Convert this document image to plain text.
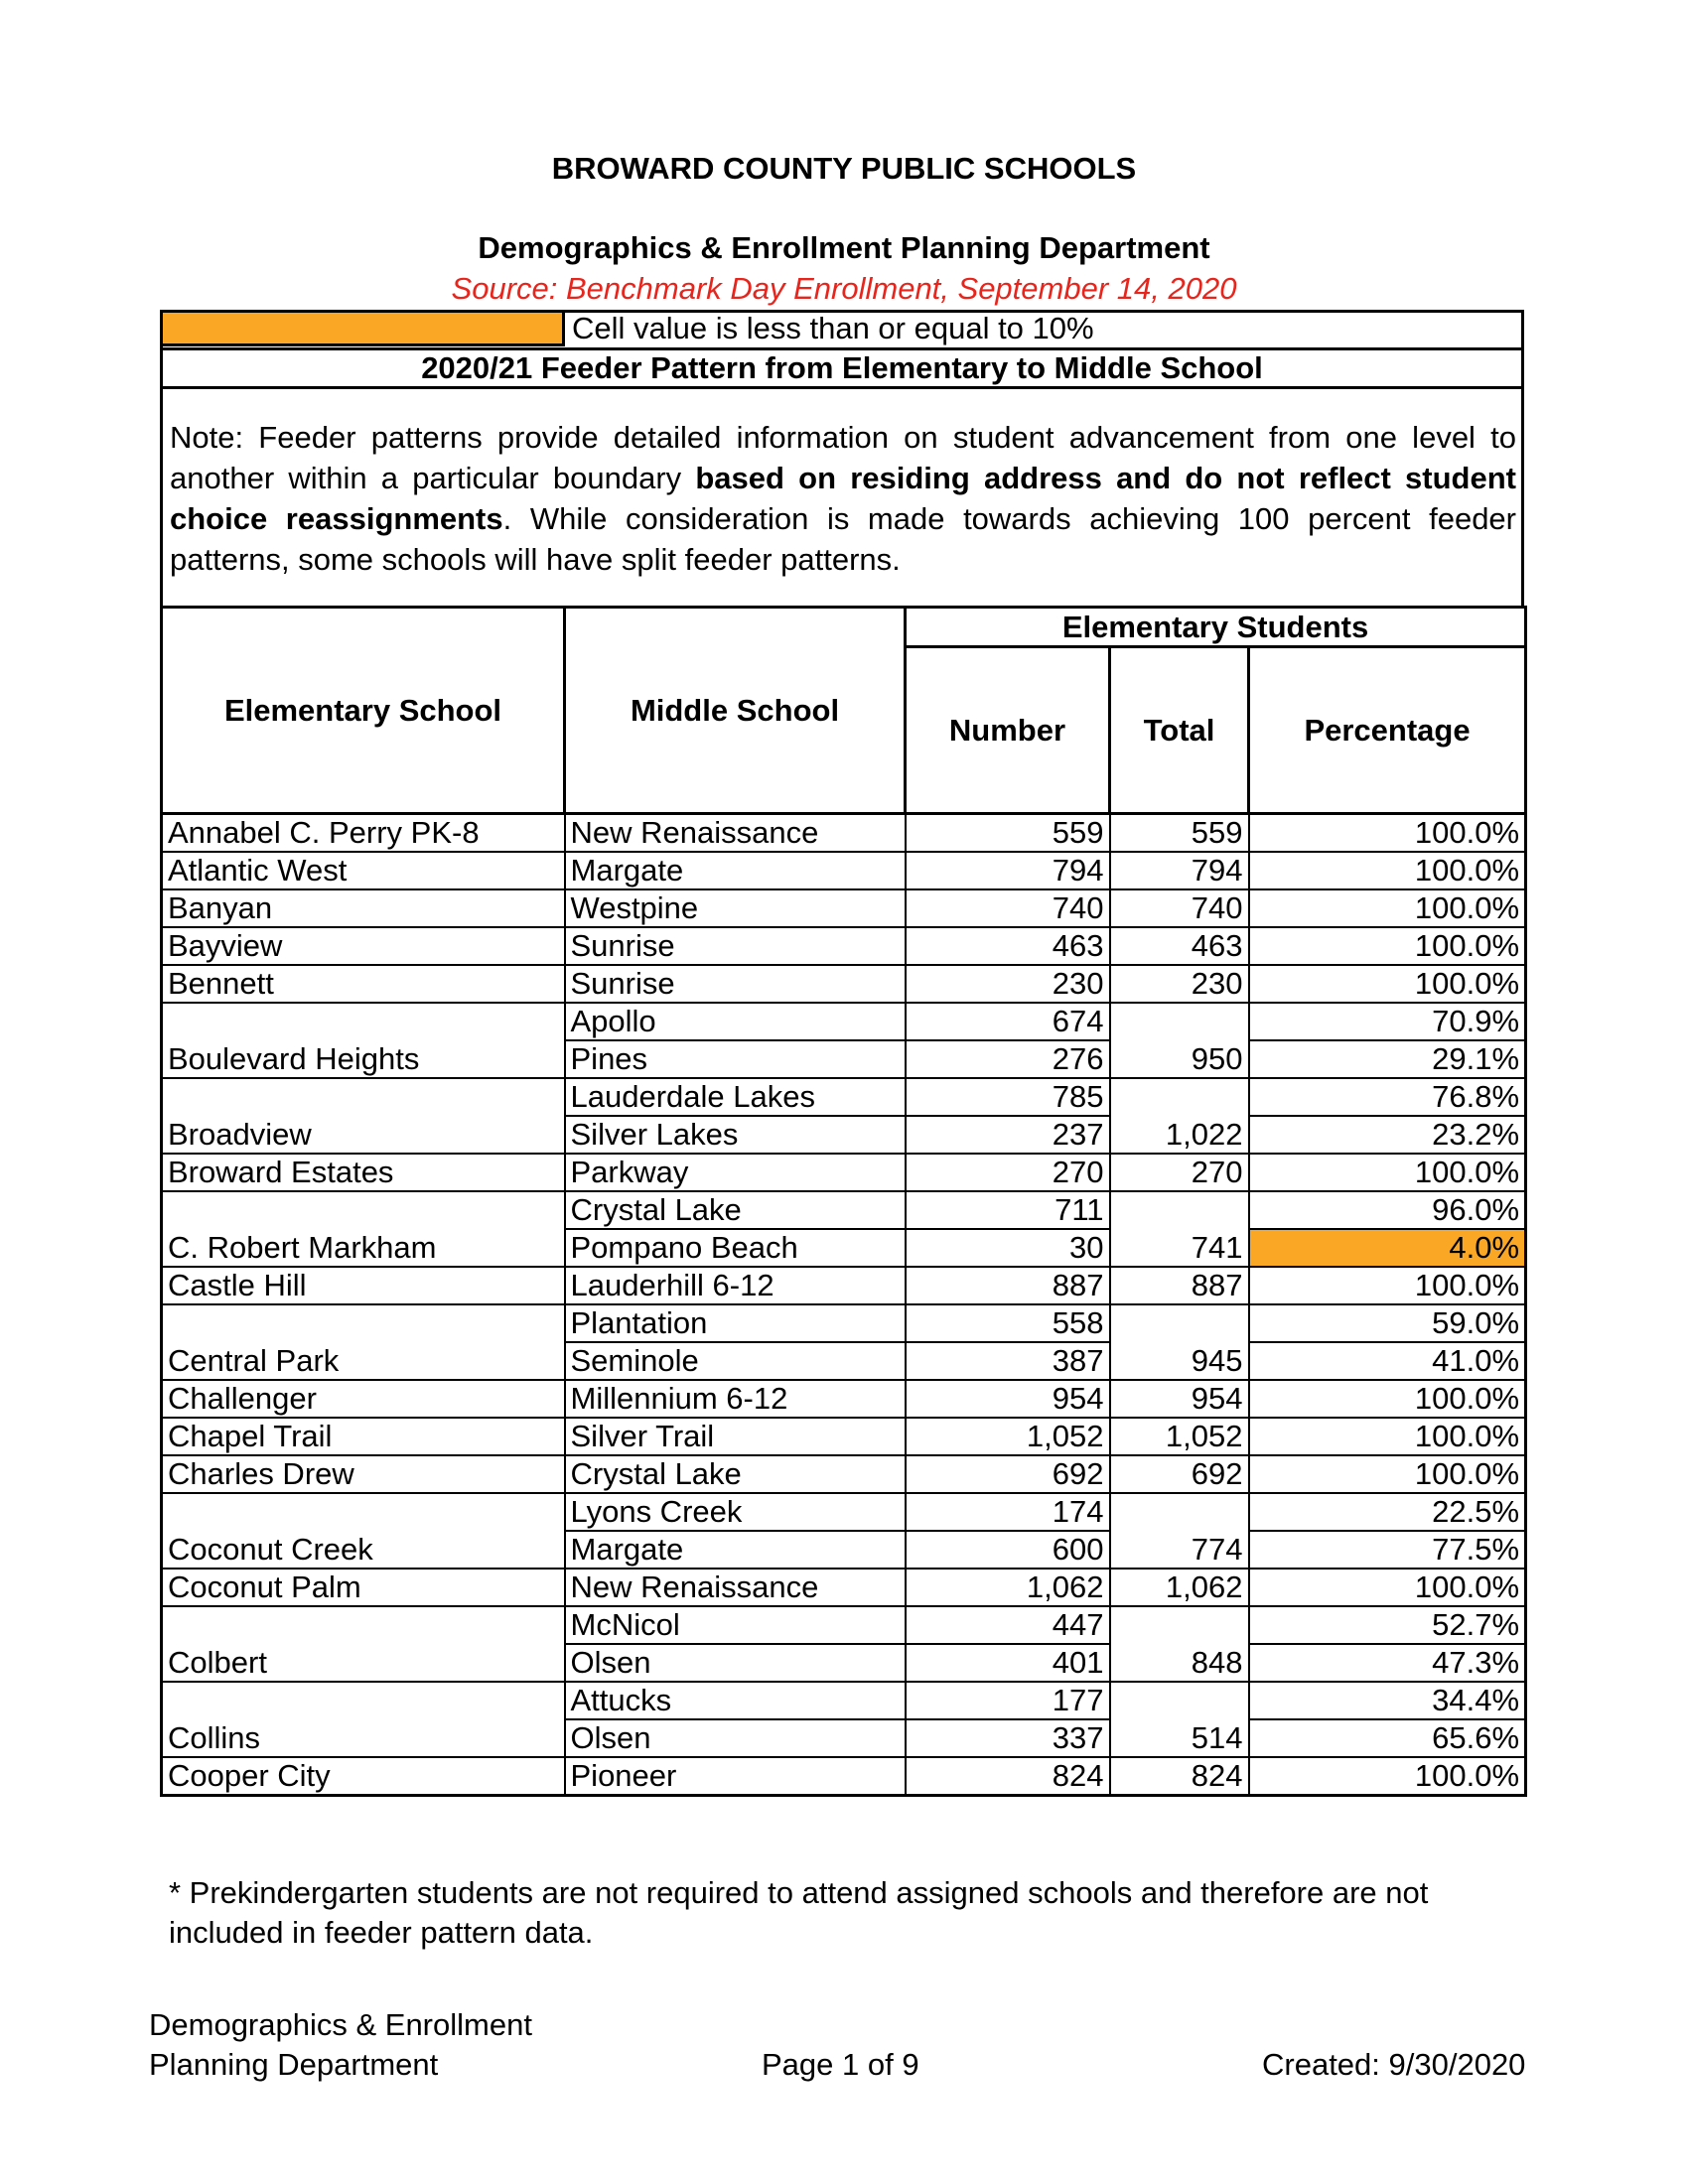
BROWARD COUNTY PUBLIC SCHOOLS
Demographics & Enrollment Planning Department
Source: Benchmark Day Enrollment, September 14, 2020
Cell value is less than or equal to 10%
2020/21 Feeder Pattern from Elementary to Middle School
Note: Feeder patterns provide detailed information on student advancement from one level to another within a particular boundary based on residing address and do not reflect student choice reassignments. While consideration is made towards achieving 100 percent feeder patterns, some schools will have split feeder patterns.
Elementary School	Middle School	Elementary Students		
		Number	Total	Percentage
Annabel C. Perry PK-8	New Renaissance	559	559	100.0%
Atlantic West	Margate	794	794	100.0%
Banyan	Westpine	740	740	100.0%
Bayview	Sunrise	463	463	100.0%
Bennett	Sunrise	230	230	100.0%
Boulevard Heights	Apollo	674	950	70.9%
	Pines	276		29.1%
Broadview	Lauderdale Lakes	785	1,022	76.8%
	Silver Lakes	237		23.2%
Broward Estates	Parkway	270	270	100.0%
C. Robert Markham	Crystal Lake	711	741	96.0%
	Pompano Beach	30		4.0%
Castle Hill	Lauderhill 6-12	887	887	100.0%
Central Park	Plantation	558	945	59.0%
	Seminole	387		41.0%
Challenger	Millennium 6-12	954	954	100.0%
Chapel Trail	Silver Trail	1,052	1,052	100.0%
Charles Drew	Crystal Lake	692	692	100.0%
Coconut Creek	Lyons Creek	174	774	22.5%
	Margate	600		77.5%
Coconut Palm	New Renaissance	1,062	1,062	100.0%
Colbert	McNicol	447	848	52.7%
	Olsen	401		47.3%
Collins	Attucks	177	514	34.4%
	Olsen	337		65.6%
Cooper City	Pioneer	824	824	100.0%
* Prekindergarten students are not required to attend assigned schools and therefore are not included in feeder pattern data.
Demographics & Enrollment
Planning Department	Page 1 of 9	Created: 9/30/2020
